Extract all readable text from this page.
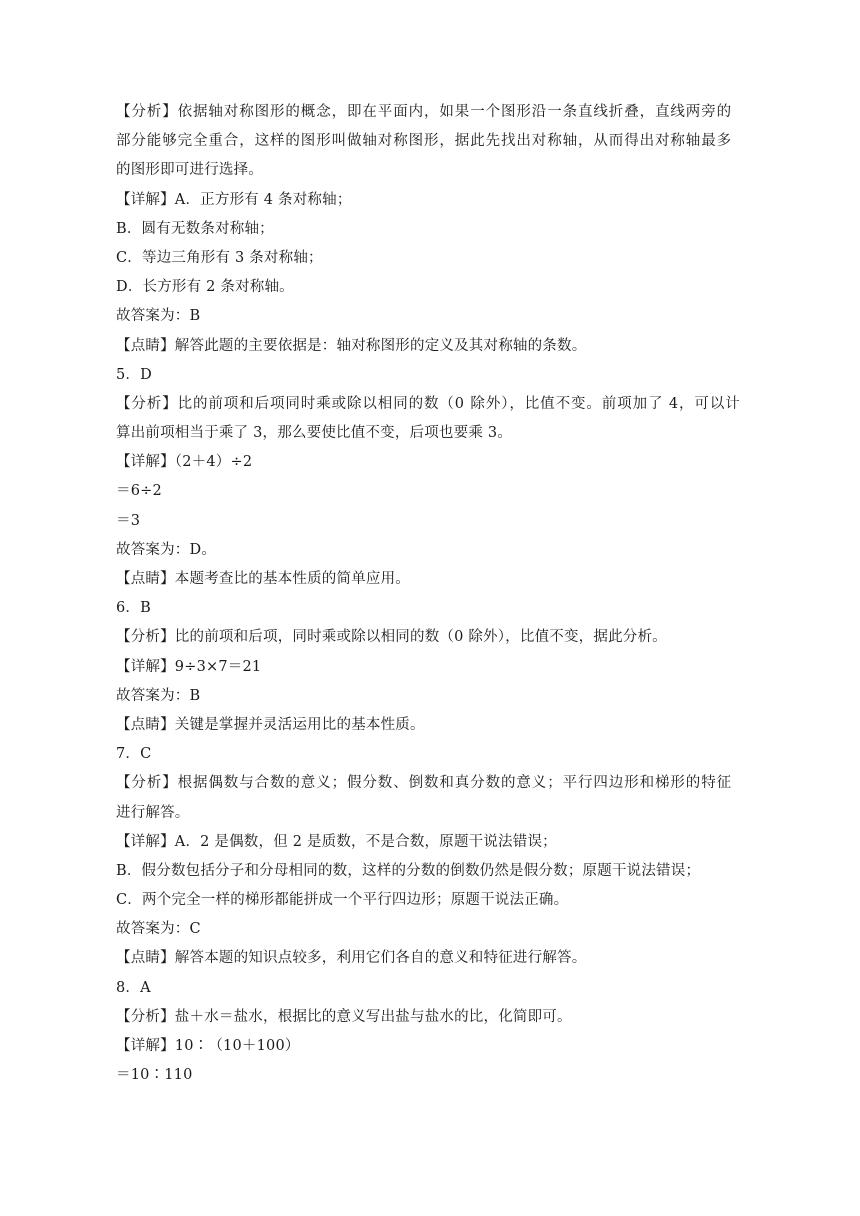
【分析】依据轴对称图形的概念，即在平面内，如果一个图形沿一条直线折叠，直线两旁的
部分能够完全重合，这样的图形叫做轴对称图形，据此先找出对称轴，从而得出对称轴最多
的图形即可进行选择。
【详解】A．正方形有 4 条对称轴；
B．圆有无数条对称轴；
C．等边三角形有 3 条对称轴；
D．长方形有 2 条对称轴。
故答案为：B
【点睛】解答此题的主要依据是：轴对称图形的定义及其对称轴的条数。
5．D
【分析】比的前项和后项同时乘或除以相同的数（0 除外），比值不变。前项加了 4，可以计
算出前项相当于乘了 3，那么要使比值不变，后项也要乘 3。
【详解】（2＋4）÷2
＝6÷2
＝3
故答案为：D。
【点睛】本题考查比的基本性质的简单应用。
6．B
【分析】比的前项和后项，同时乘或除以相同的数（0 除外），比值不变，据此分析。
【详解】9÷3×7＝21
故答案为：B
【点睛】关键是掌握并灵活运用比的基本性质。
7．C
【分析】根据偶数与合数的意义；假分数、倒数和真分数的意义；平行四边形和梯形的特征
进行解答。
【详解】A．2 是偶数，但 2 是质数，不是合数，原题干说法错误；
B．假分数包括分子和分母相同的数，这样的分数的倒数仍然是假分数；原题干说法错误；
C．两个完全一样的梯形都能拼成一个平行四边形；原题干说法正确。
故答案为：C
【点睛】解答本题的知识点较多，利用它们各自的意义和特征进行解答。
8．A
【分析】盐＋水＝盐水，根据比的意义写出盐与盐水的比，化简即可。
【详解】10∶（10＋100）
＝10∶110
